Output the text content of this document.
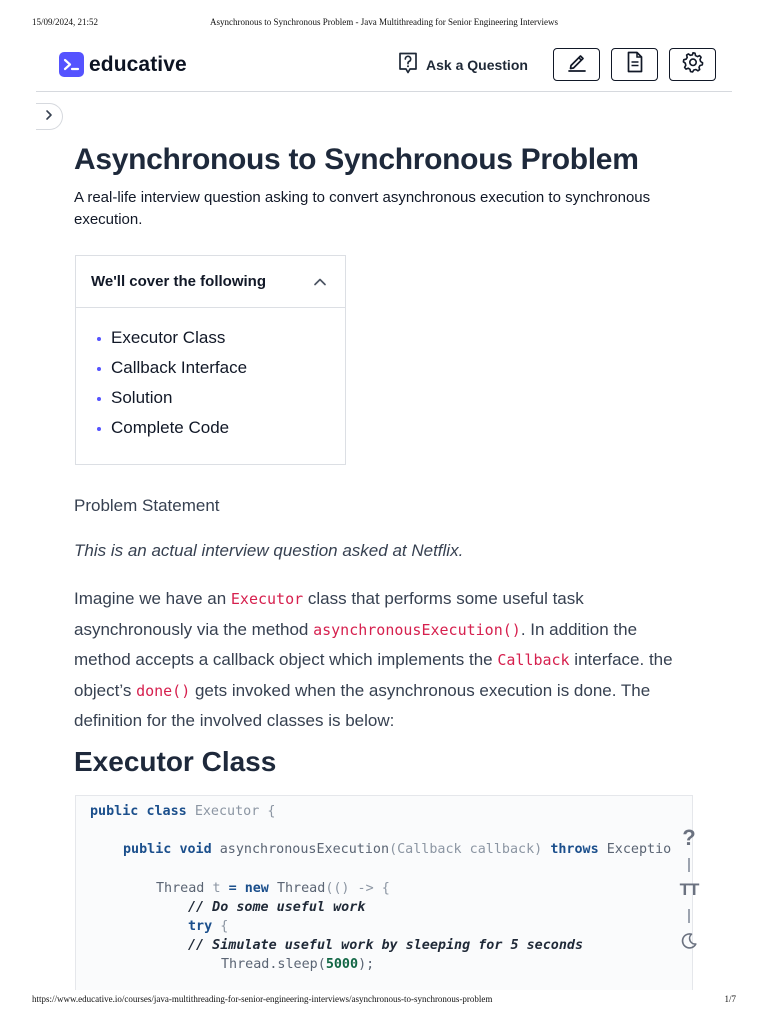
15/09/2024, 21:52	Asynchronous to Synchronous Problem - Java Multithreading for Senior Engineering Interviews
educative	Ask a Question
Asynchronous to Synchronous Problem

A real-life interview question asking to convert asynchronous execution to synchronous execution.

We'll cover the following
Executor Class
Callback Interface
Solution
Complete Code

Problem Statement

This is an actual interview question asked at Netflix.

Imagine we have an Executor class that performs some useful task asynchronously via the method asynchronousExecution(). In addition the method accepts a callback object which implements the Callback interface. the object’s done() gets invoked when the asynchronous execution is done. The definition for the involved classes is below:

Executor Class
public class Executor {
public void asynchronousExecution(Callback callback) throws Exceptio
Thread t = new Thread(() -> {
// Do some useful work
try {
// Simulate useful work by sleeping for 5 seconds
Thread.sleep(5000);
?
TT
https://www.educative.io/courses/java-multithreading-for-senior-engineering-interviews/asynchronous-to-synchronous-problem	1/7
